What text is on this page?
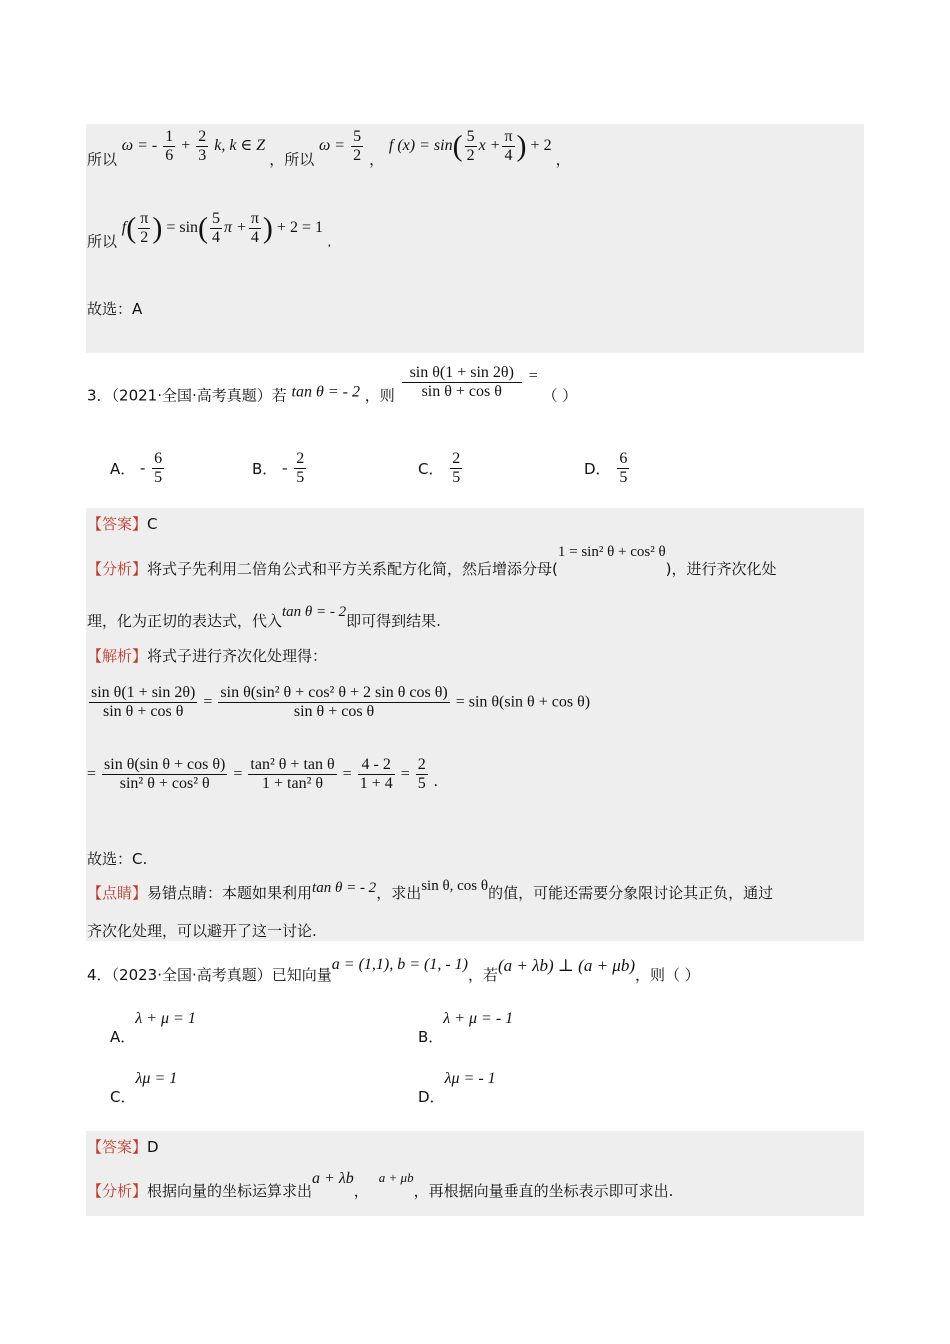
所以 ω = - $\frac{1}{6} + \frac{2}{3} k$, k ∈ Z ，所以 $\omega = \frac{5}{2}$ ， f $(x) = \sin( \frac{5}{2}$ $x + \frac{\pi}{4}$ ) + 2 ，
所以 $f( \frac{\pi}{2}$ ) = $\sin( \frac{5}{4}$ $\pi + \frac{\pi}{4}$ ) + 2 = 1 .
故选：A
3．（2021·全国·高考真题）若 tan θ = - 2 ，则 $\frac{\text{sin θ(1 + sin 2θ)}}{\text{sin θ + cos θ}}$ = （ ）
A． - $\frac{6}{5}$	B． - $\frac{2}{5}$	C． $\frac{2}{5}$	D． $\frac{6}{5}$
【答案】C
【分析】将式子先利用二倍角公式和平方关系配方化简，然后增添分母(1 = sin² θ + cos² θ)，进行齐次化处
理，化为正切的表达式，代入tan θ = - 2即可得到结果.
【解析】将式子进行齐次化处理得：
$\frac{\text{sin θ(1 + sin 2θ)}}{\text{sin θ + cos θ}} = \frac{\text{sin θ(sin² θ + cos² θ + 2 sin θ cos θ)}}{\text{sin θ + cos θ}} = \sin \theta(\sin$ θ + cos θ)
= $\frac{\text{sin θ(sin θ + cos θ)}}{\text{sin² θ + cos² θ}} = \frac{\text{tan² θ + tan θ}}{\text{1 + tan² θ}} = \frac{4 - 2}{1 + 4} = \frac{2}{5}$ .
故选：C.
【点睛】易错点睛：本题如果利用tan θ = - 2，求出sin θ, cos θ的值，可能还需要分象限讨论其正负，通过
齐次化处理，可以避开了这一讨论.
4．（2023·全国·高考真题）已知向量a = (1,1), b = (1, - 1)，若(a + λb) ⊥ (a + μb)，则（ ）
A．λ + μ = 1
B．λ + μ = - 1
C．λμ = 1
D．λμ = - 1
【答案】D
【分析】根据向量的坐标运算求出a + λb，a + μb，再根据向量垂直的坐标表示即可求出.
